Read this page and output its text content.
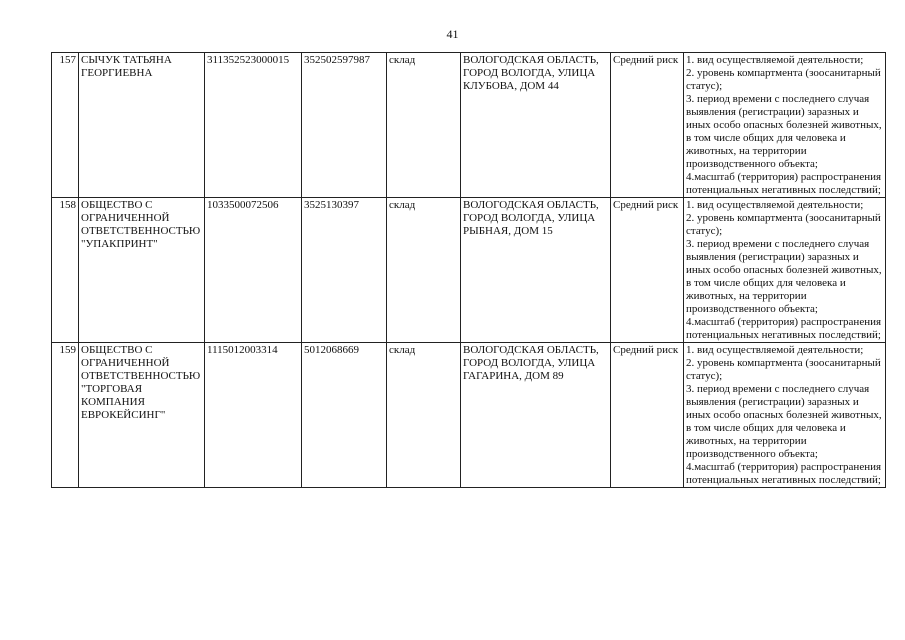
41
157	СЫЧУК ТАТЬЯНА ГЕОРГИЕВНА	311352523000015	352502597987	склад	ВОЛОГОДСКАЯ ОБЛАСТЬ, ГОРОД ВОЛОГДА, УЛИЦА КЛУБОВА, ДОМ 44	Средний риск	1. вид осуществляемой деятельности;
2. уровень компартмента (зоосанитарный статус);
3. период времени с последнего случая выявления (регистрации) заразных и иных особо опасных болезней животных, в том числе общих для человека и животных, на территории производственного объекта;
4.масштаб (территория) распространения потенциальных негативных последствий;

158	ОБЩЕСТВО С ОГРАНИЧЕННОЙ ОТВЕТСТВЕННОСТЬЮ "УПАКПРИНТ"	1033500072506	3525130397	склад	ВОЛОГОДСКАЯ ОБЛАСТЬ, ГОРОД ВОЛОГДА, УЛИЦА РЫБНАЯ, ДОМ 15	Средний риск	1. вид осуществляемой деятельности;
2. уровень компартмента (зоосанитарный статус);
3. период времени с последнего случая выявления (регистрации) заразных и иных особо опасных болезней животных, в том числе общих для человека и животных, на территории производственного объекта;
4.масштаб (территория) распространения потенциальных негативных последствий;

159	ОБЩЕСТВО С ОГРАНИЧЕННОЙ ОТВЕТСТВЕННОСТЬЮ "ТОРГОВАЯ КОМПАНИЯ ЕВРОКЕЙСИНГ"	1115012003314	5012068669	склад	ВОЛОГОДСКАЯ ОБЛАСТЬ, ГОРОД ВОЛОГДА, УЛИЦА ГАГАРИНА, ДОМ 89	Средний риск	1. вид осуществляемой деятельности;
2. уровень компартмента (зоосанитарный статус);
3. период времени с последнего случая выявления (регистрации) заразных и иных особо опасных болезней животных, в том числе общих для человека и животных, на территории производственного объекта;
4.масштаб (территория) распространения потенциальных негативных последствий;
